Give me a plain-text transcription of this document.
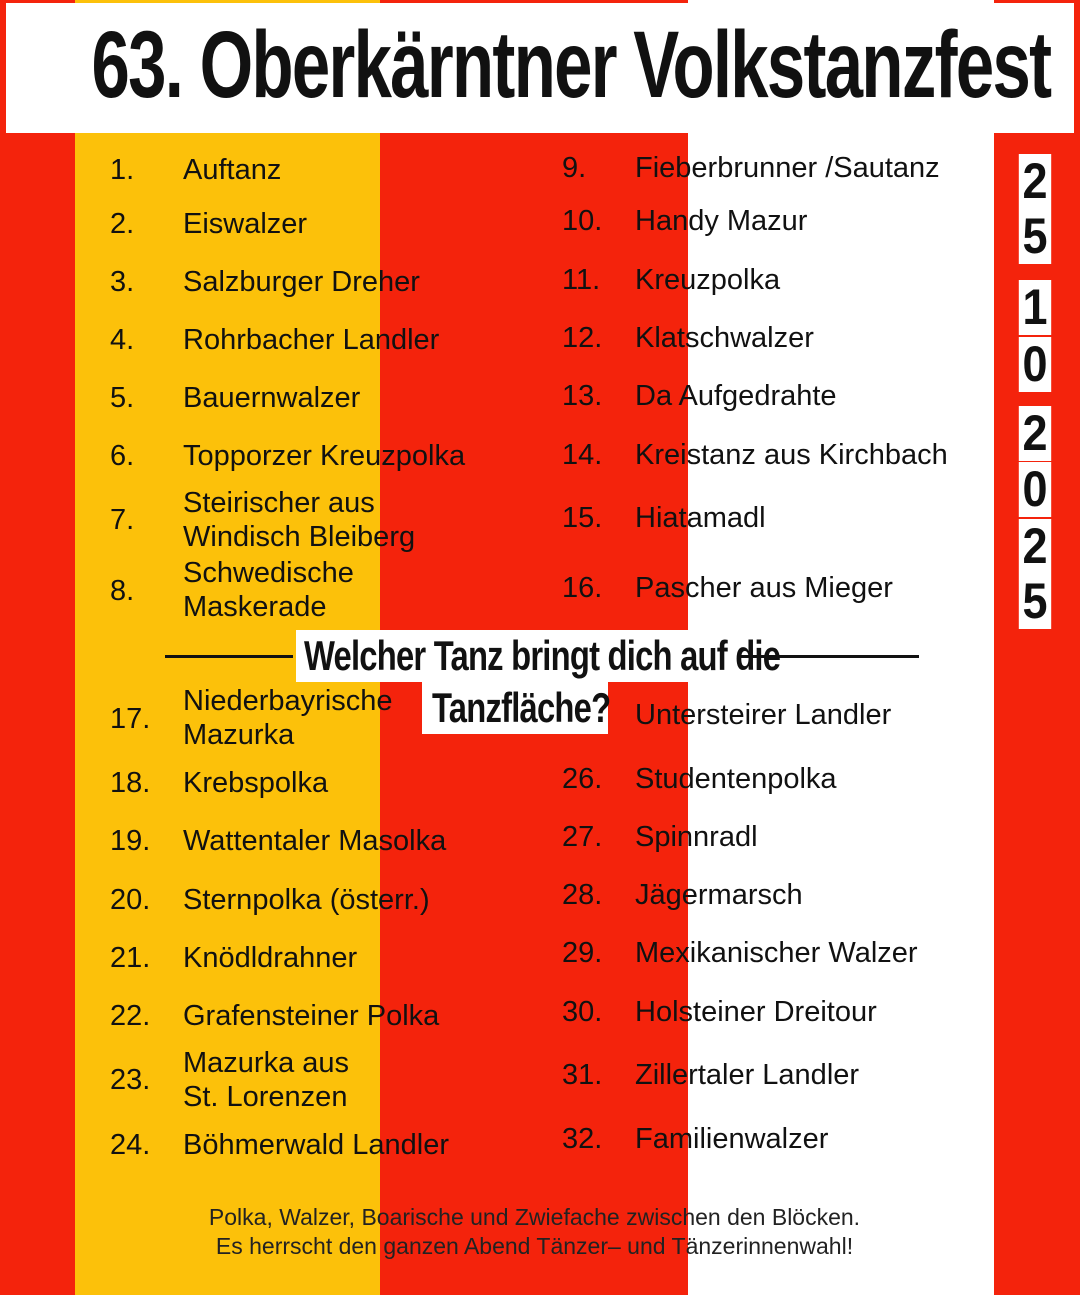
63. Oberkärntner Volkstanzfest
1. Auftanz
2. Eiswalzer
3. Salzburger Dreher
4. Rohrbacher Landler
5. Bauernwalzer
6. Topporzer Kreuzpolka
7.
Steirischer aus
Windisch Bleiberg
8.
Schwedische
Maskerade
9. Fieberbrunner /Sautanz
10. Handy Mazur
11. Kreuzpolka
12. Klatschwalzer
13. Da Aufgedrahte
14. Kreistanz aus Kirchbach
15. Hiatamadl
16. Pascher aus Mieger
Welcher Tanz bringt dich auf die
Tanzfläche?
17.
Niederbayrische
Mazurka
18. Krebspolka
19. Wattentaler Masolka
20. Sternpolka (österr.)
21. Knödldrahner
22. Grafensteiner Polka
23.
Mazurka aus
St. Lorenzen
24. Böhmerwald Landler
Untersteirer Landler
26. Studentenpolka
27. Spinnradl
28. Jägermarsch
29. Mexikanischer Walzer
30. Holsteiner Dreitour
31. Zillertaler Landler
32. Familienwalzer
2
5
1
0
2
0
2
5
Polka, Walzer, Boarische und Zwiefache zwischen den Blöcken.
Es herrscht den ganzen Abend Tänzer– und Tänzerinnenwahl!
